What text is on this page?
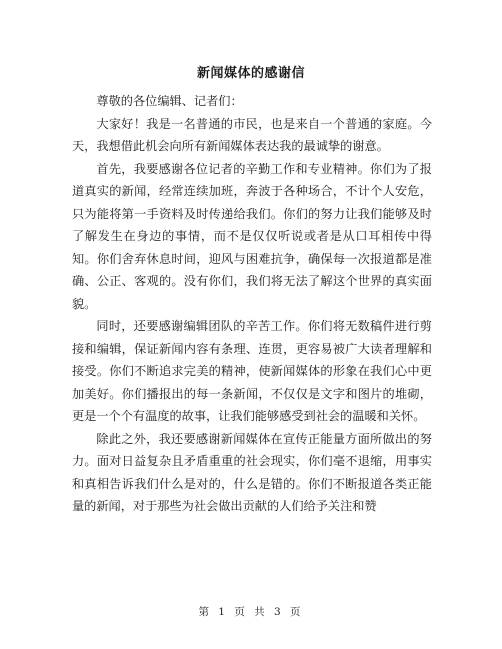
新闻媒体的感谢信

尊敬的各位编辑、记者们：

大家好！我是一名普通的市民，也是来自一个普通的家庭。今天，我想借此机会向所有新闻媒体表达我的最诚挚的谢意。

首先，我要感谢各位记者的辛勤工作和专业精神。你们为了报道真实的新闻，经常连续加班，奔波于各种场合，不计个人安危，只为能将第一手资料及时传递给我们。你们的努力让我们能够及时了解发生在身边的事情，而不是仅仅听说或者是从口耳相传中得知。你们舍弃休息时间，迎风与困难抗争，确保每一次报道都是准确、公正、客观的。没有你们，我们将无法了解这个世界的真实面貌。

同时，还要感谢编辑团队的辛苦工作。你们将无数稿件进行剪接和编辑，保证新闻内容有条理、连贯，更容易被广大读者理解和接受。你们不断追求完美的精神，使新闻媒体的形象在我们心中更加美好。你们播报出的每一条新闻，不仅仅是文字和图片的堆砌，更是一个个有温度的故事，让我们能够感受到社会的温暖和关怀。

除此之外，我还要感谢新闻媒体在宣传正能量方面所做出的努力。面对日益复杂且矛盾重重的社会现实，你们毫不退缩，用事实和真相告诉我们什么是对的，什么是错的。你们不断报道各类正能量的新闻，对于那些为社会做出贡献的人们给予关注和赞

第 1 页 共 3 页
